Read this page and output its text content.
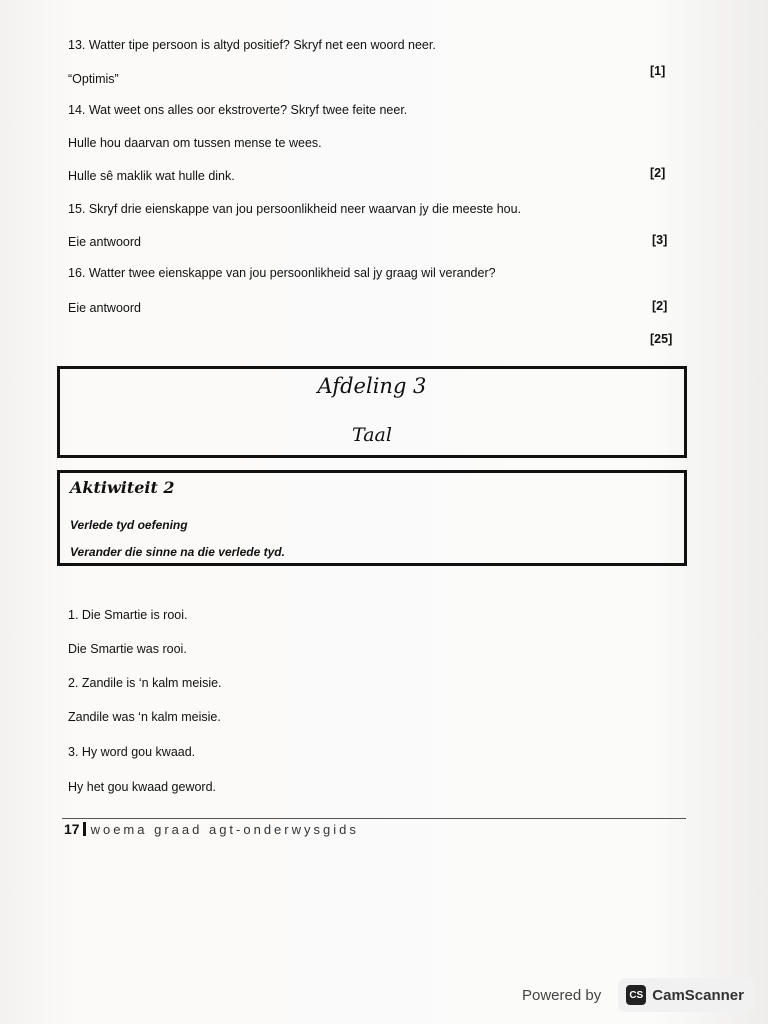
13. Watter tipe persoon is altyd positief? Skryf net een woord neer.
“Optimis”
[1]
14. Wat weet ons alles oor ekstroverte? Skryf twee feite neer.
Hulle hou daarvan om tussen mense te wees.
Hulle sê maklik wat hulle dink.	[2]
15. Skryf drie eienskappe van jou persoonlikheid neer waarvan jy die meeste hou.
Eie antwoord	[3]
16. Watter twee eienskappe van jou persoonlikheid sal jy graag wil verander?
Eie antwoord	[2]
[25]
Afdeling 3
Taal
Aktiwiteit 2
Verlede tyd oefening
Verander die sinne na die verlede tyd.
1. Die Smartie is rooi.
Die Smartie was rooi.
2. Zandile is ‘n kalm meisie.
Zandile was ‘n kalm meisie.
3. Hy word gou kwaad.
Hy het gou kwaad geword.
17 woema graad agt-onderwysgids
Powered by	CS CamScanner
